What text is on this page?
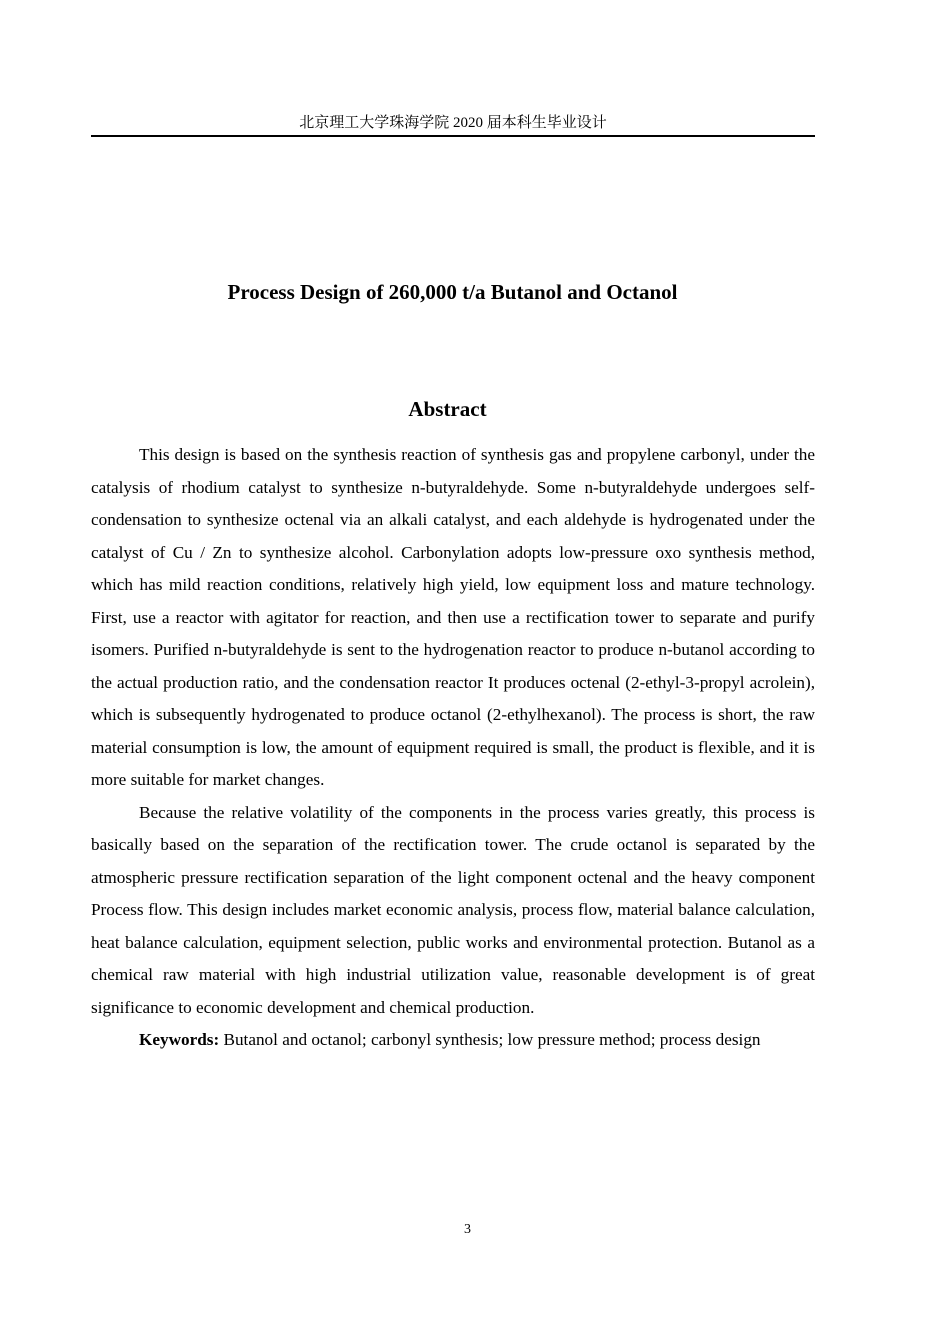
北京理工大学珠海学院 2020 届本科生毕业设计
Process Design of 260,000 t/a Butanol and Octanol
Abstract

This design is based on the synthesis reaction of synthesis gas and propylene carbonyl, under the catalysis of rhodium catalyst to synthesize n-butyraldehyde. Some n-butyraldehyde undergoes self-condensation to synthesize octenal via an alkali catalyst, and each aldehyde is hydrogenated under the catalyst of Cu / Zn to synthesize alcohol. Carbonylation adopts low-pressure oxo synthesis method, which has mild reaction conditions, relatively high yield, low equipment loss and mature technology. First, use a reactor with agitator for reaction, and then use a rectification tower to separate and purify isomers. Purified n-butyraldehyde is sent to the hydrogenation reactor to produce n-butanol according to the actual production ratio, and the condensation reactor It produces octenal (2-ethyl-3-propyl acrolein), which is subsequently hydrogenated to produce octanol (2-ethylhexanol). The process is short, the raw material consumption is low, the amount of equipment required is small, the product is flexible, and it is more suitable for market changes.

Because the relative volatility of the components in the process varies greatly, this process is basically based on the separation of the rectification tower. The crude octanol is separated by the atmospheric pressure rectification separation of the light component octenal and the heavy component Process flow. This design includes market economic analysis, process flow, material balance calculation, heat balance calculation, equipment selection, public works and environmental protection. Butanol as a chemical raw material with high industrial utilization value, reasonable development is of great significance to economic development and chemical production.

Keywords: Butanol and octanol; carbonyl synthesis; low pressure method; process design

3
